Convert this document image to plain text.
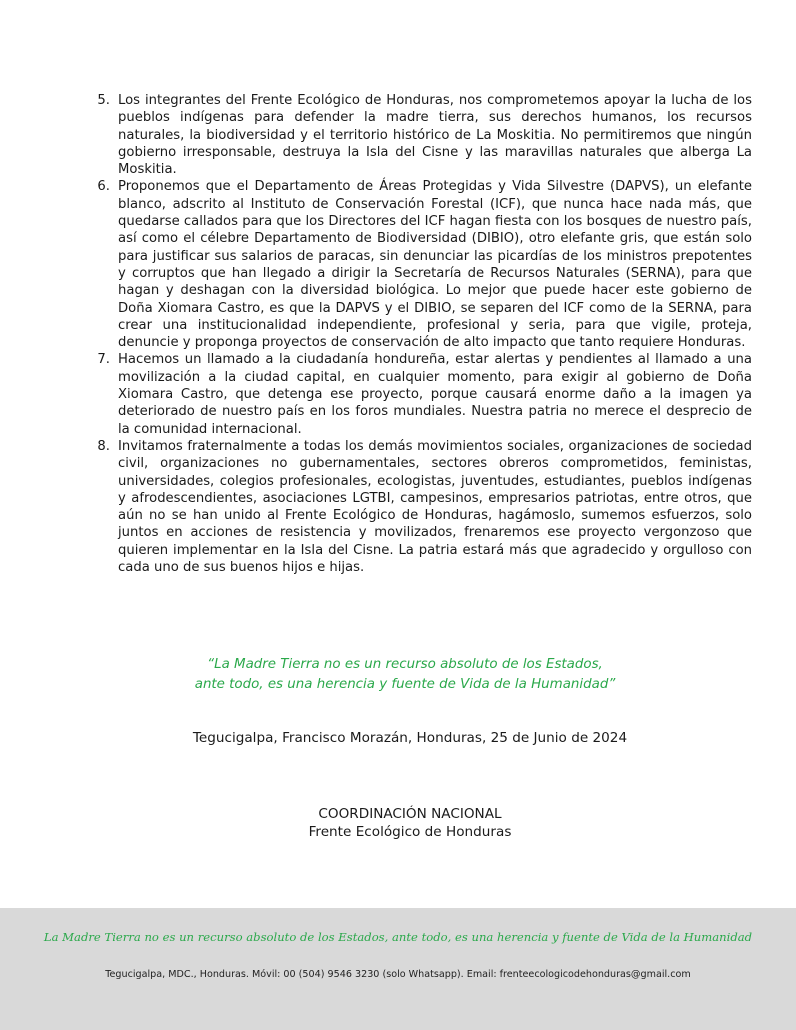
5. Los integrantes del Frente Ecológico de Honduras, nos comprometemos apoyar la lucha de los pueblos indígenas para defender la madre tierra, sus derechos humanos, los recursos naturales, la biodiversidad y el territorio histórico de La Moskitia. No permitiremos que ningún gobierno irresponsable, destruya la Isla del Cisne y las maravillas naturales que alberga La Moskitia.
6. Proponemos que el Departamento de Áreas Protegidas y Vida Silvestre (DAPVS), un elefante blanco, adscrito al Instituto de Conservación Forestal (ICF), que nunca hace nada más, que quedarse callados para que los Directores del ICF hagan fiesta con los bosques de nuestro país, así como el célebre Departamento de Biodiversidad (DIBIO), otro elefante gris, que están solo para justificar sus salarios de paracas, sin denunciar las picardías de los ministros prepotentes y corruptos que han llegado a dirigir la Secretaría de Recursos Naturales (SERNA), para que hagan y deshagan con la diversidad biológica. Lo mejor que puede hacer este gobierno de Doña Xiomara Castro, es que la DAPVS y el DIBIO, se separen del ICF como de la SERNA, para crear una institucionalidad independiente, profesional y seria, para que vigile, proteja, denuncie y proponga proyectos de conservación de alto impacto que tanto requiere Honduras.
7. Hacemos un llamado a la ciudadanía hondureña, estar alertas y pendientes al llamado a una movilización a la ciudad capital, en cualquier momento, para exigir al gobierno de Doña Xiomara Castro, que detenga ese proyecto, porque causará enorme daño a la imagen ya deteriorado de nuestro país en los foros mundiales. Nuestra patria no merece el desprecio de la comunidad internacional.
8. Invitamos fraternalmente a todas los demás movimientos sociales, organizaciones de sociedad civil, organizaciones no gubernamentales, sectores obreros comprometidos, feministas, universidades, colegios profesionales, ecologistas, juventudes, estudiantes, pueblos indígenas y afrodescendientes, asociaciones LGTBI, campesinos, empresarios patriotas, entre otros, que aún no se han unido al Frente Ecológico de Honduras, hagámoslo, sumemos esfuerzos, solo juntos en acciones de resistencia y movilizados, frenaremos ese proyecto vergonzoso que quieren implementar en la Isla del Cisne. La patria estará más que agradecido y orgulloso con cada uno de sus buenos hijos e hijas.
“La Madre Tierra no es un recurso absoluto de los Estados,
ante todo, es una herencia y fuente de Vida de la Humanidad”
Tegucigalpa, Francisco Morazán, Honduras, 25 de Junio de 2024
COORDINACIÓN NACIONAL
Frente Ecológico de Honduras
La Madre Tierra no es un recurso absoluto de los Estados, ante todo, es una herencia y fuente de Vida de la Humanidad
Tegucigalpa, MDC., Honduras. Móvil: 00 (504) 9546 3230 (solo Whatsapp). Email: frenteecologicodehonduras@gmail.com
